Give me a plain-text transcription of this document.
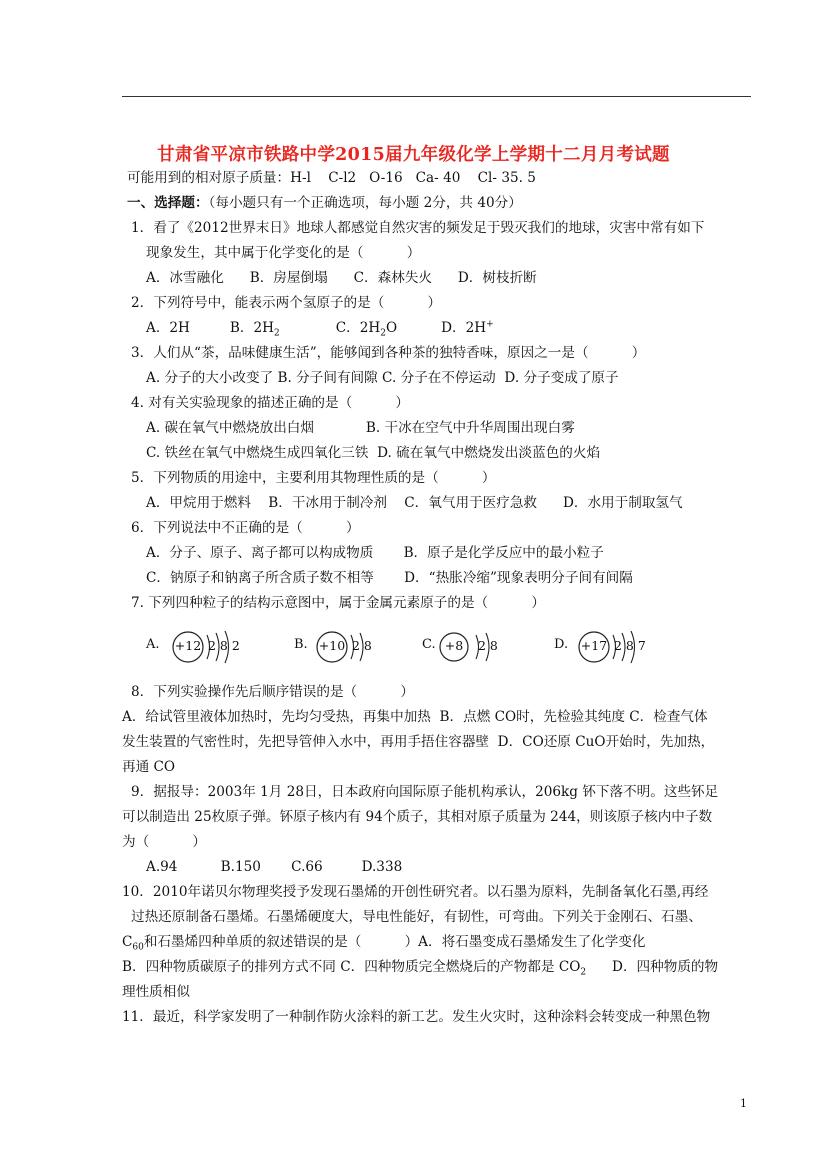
甘肃省平凉市铁路中学2015届九年级化学上学期十二月月考试题
可能用到的相对原子质量：H-l    C-l2   O-16   Ca- 40    Cl- 35. 5
一、选择题：（每小题只有一个正确选项，每小题 2分，共 40分）
1．看了《2012世界末日》地球人都感觉自然灾害的频发足于毁灭我们的地球，灾害中常有如下
现象发生，其中属于化学变化的是（          ）
A．冰雪融化      B．房屋倒塌      C．森林失火      D．树枝折断
2．下列符号中，能表示两个氢原子的是（          ）
A．2H	B．$2H_2$	C．$2H_2O$	D．2H+
3．人们从“茶，品味健康生活”，能够闻到各种茶的独特香味，原因之一是（          ）
A. 分子的大小改变了 B. 分子间有间隙 C. 分子在不停运动  D. 分子变成了原子
4. 对有关实验现象的描述正确的是（          ）
A. 碳在氧气中燃烧放出白烟            B. 干冰在空气中升华周围出现白雾
C. 铁丝在氧气中燃烧生成四氧化三铁  D. 硫在氧气中燃烧发出淡蓝色的火焰
5．下列物质的用途中，主要利用其物理性质的是（          ）
A．甲烷用于燃料    B．干冰用于制冷剂    C．氧气用于医疗急救      D．水用于制取氢气
6．下列说法中不正确的是（          ）
A．分子、原子、离子都可以构成物质       B．原子是化学反应中的最小粒子
C．钠原子和钠离子所含质子数不相等       D．“热胀冷缩”现象表明分子间有间隔
7. 下列四种粒子的结构示意图中，属于金属元素原子的是（          ）
A.	+12 2 8 2	B. +10 2 8	C. +8	2 8	D.	+17 2 8 7
8．下列实验操作先后顺序错误的是（          ）
A．给试管里液体加热时，先均匀受热，再集中加热  B．点燃 CO时，先检验其纯度 C．检查气体
发生装置的气密性时，先把导管伸入水中，再用手捂住容器壁  D．CO还原 CuO开始时，先加热，
再通 CO
9．据报导：2003年 1月 28日，日本政府向国际原子能机构承认，206kg 钚下落不明。这些钚足
可以制造出 25枚原子弹。钚原子核内有 94个质子，其相对原子质量为 244，则该原子核内中子数
为（          ）
A.94          B.150       C.66         D.338
10．2010年诺贝尔物理奖授予发现石墨烯的开创性研究者。以石墨为原料，先制备氧化石墨,再经
过热还原制备石墨烯。石墨烯硬度大，导电性能好，有韧性，可弯曲。下列关于金刚石、石墨、
$C_{60}$和石墨烯四种单质的叙述错误的是（          ）A．将石墨变成石墨烯发生了化学变化
B．四种物质碳原子的排列方式不同 C．四种物质完全燃烧后的产物都是 $CO_2$      D．四种物质的物
理性质相似
11．最近，科学家发明了一种制作防火涂料的新工艺。发生火灾时，这种涂料会转变成一种黑色物
1
